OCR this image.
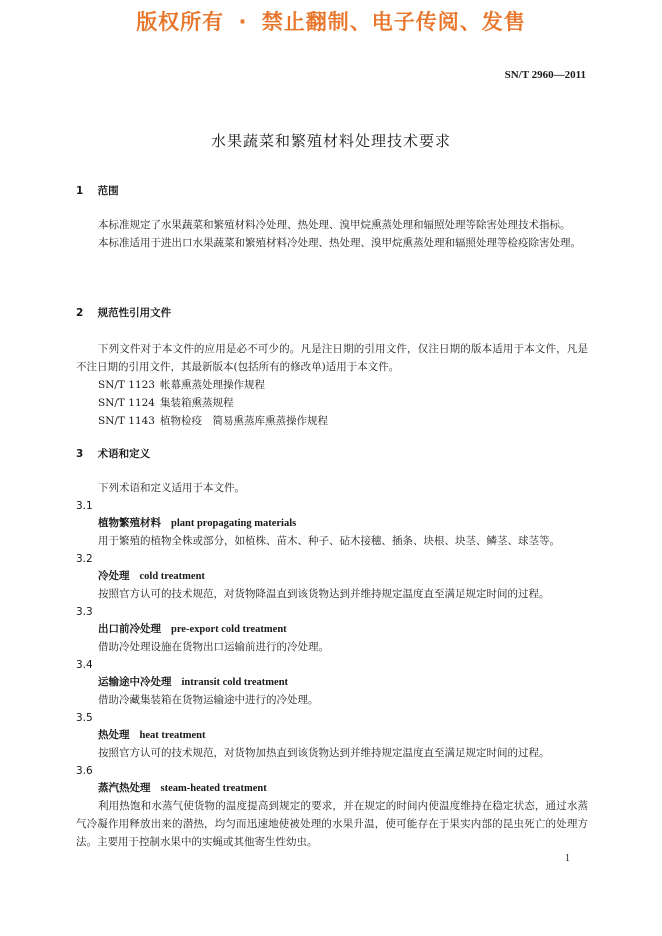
版权所有 · 禁止翻制、电子传阅、发售
SN/T 2960—2011
水果蔬菜和繁殖材料处理技术要求
1 范围

本标准规定了水果蔬菜和繁殖材料冷处理、热处理、溴甲烷熏蒸处理和辐照处理等除害处理技术指标。

本标准适用于进出口水果蔬菜和繁殖材料冷处理、热处理、溴甲烷熏蒸处理和辐照处理等检疫除害处理。

2 规范性引用文件

下列文件对于本文件的应用是必不可少的。凡是注日期的引用文件，仅注日期的版本适用于本文件，凡是不注日期的引用文件，其最新版本(包括所有的修改单)适用于本文件。

SN/T 1123 帐幕熏蒸处理操作规程
SN/T 1124 集装箱熏蒸规程
SN/T 1143 植物检疫　简易熏蒸库熏蒸操作规程
3 术语和定义

下列术语和定义适用于本文件。

3.1
植物繁殖材料 plant propagating materials

用于繁殖的植物全株或部分，如植株、苗木、种子、砧木接穗、插条、块根、块茎、鳞茎、球茎等。

3.2
冷处理 cold treatment

按照官方认可的技术规范，对货物降温直到该货物达到并维持规定温度直至满足规定时间的过程。

3.3
出口前冷处理 pre-export cold treatment

借助冷处理设施在货物出口运输前进行的冷处理。

3.4
运输途中冷处理 intransit cold treatment

借助冷藏集装箱在货物运输途中进行的冷处理。

3.5
热处理 heat treatment

按照官方认可的技术规范，对货物加热直到该货物达到并维持规定温度直至满足规定时间的过程。

3.6
蒸汽热处理 steam-heated treatment

利用热饱和水蒸气使货物的温度提高到规定的要求，并在规定的时间内使温度维持在稳定状态，通过水蒸气冷凝作用释放出来的潜热，均匀而迅速地使被处理的水果升温，使可能存在于果实内部的昆虫死亡的处理方法。主要用于控制水果中的实蝇或其他寄生性幼虫。

1
